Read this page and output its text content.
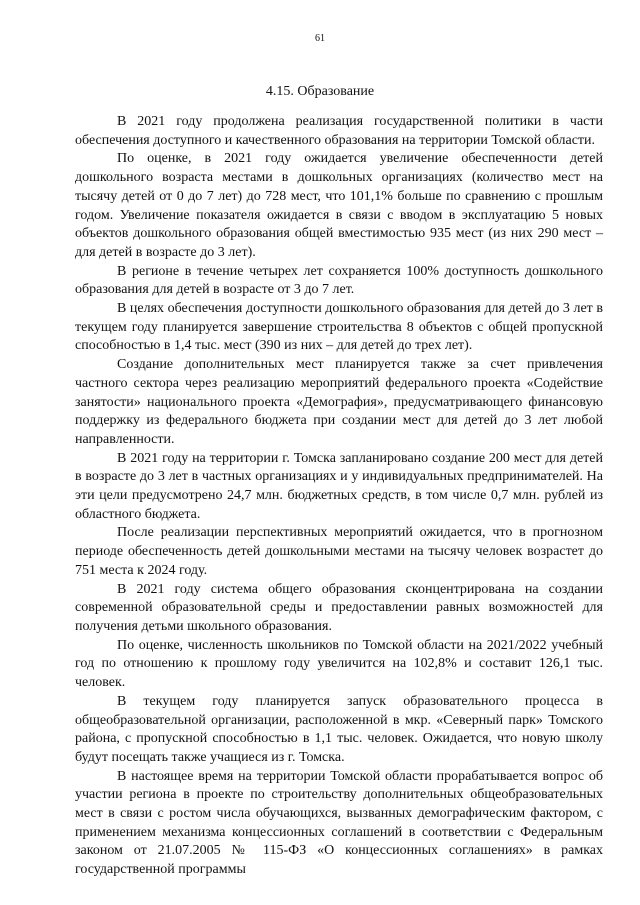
61
4.15. Образование

В 2021 году продолжена реализация государственной политики в части обеспечения доступного и качественного образования на территории Томской области.

По оценке, в 2021 году ожидается увеличение обеспеченности детей дошкольного возраста местами в дошкольных организациях (количество мест на тысячу детей от 0 до 7 лет) до 728 мест, что 101,1% больше по сравнению с прошлым годом. Увеличение показателя ожидается в связи с вводом в эксплуатацию 5 новых объектов дошкольного образования общей вместимостью 935 мест (из них 290 мест – для детей в возрасте до 3 лет).

В регионе в течение четырех лет сохраняется 100% доступность дошкольного образования для детей в возрасте от 3 до 7 лет.

В целях обеспечения доступности дошкольного образования для детей до 3 лет в текущем году планируется завершение строительства 8 объектов с общей пропускной способностью в 1,4 тыс. мест (390 из них – для детей до трех лет).

Создание дополнительных мест планируется также за счет привлечения частного сектора через реализацию мероприятий федерального проекта «Содействие занятости» национального проекта «Демография», предусматривающего финансовую поддержку из федерального бюджета при создании мест для детей до 3 лет любой направленности.

В 2021 году на территории г. Томска запланировано создание 200 мест для детей в возрасте до 3 лет в частных организациях и у индивидуальных предпринимателей. На эти цели предусмотрено 24,7 млн. бюджетных средств, в том числе 0,7 млн. рублей из областного бюджета.

После реализации перспективных мероприятий ожидается, что в прогнозном периоде обеспеченность детей дошкольными местами на тысячу человек возрастет до 751 места к 2024 году.

В 2021 году система общего образования сконцентрирована на создании современной образовательной среды и предоставлении равных возможностей для получения детьми школьного образования.

По оценке, численность школьников по Томской области на 2021/2022 учебный год по отношению к прошлому году увеличится на 102,8% и составит 126,1 тыс. человек.

В текущем году планируется запуск образовательного процесса в общеобразовательной организации, расположенной в мкр. «Северный парк» Томского района, с пропускной способностью в 1,1 тыс. человек. Ожидается, что новую школу будут посещать также учащиеся из г. Томска.

В настоящее время на территории Томской области прорабатывается вопрос об участии региона в проекте по строительству дополнительных общеобразовательных мест в связи с ростом числа обучающихся, вызванных демографическим фактором, с применением механизма концессионных соглашений в соответствии с Федеральным законом от 21.07.2005 № 115-ФЗ «О концессионных соглашениях» в рамках государственной программы
